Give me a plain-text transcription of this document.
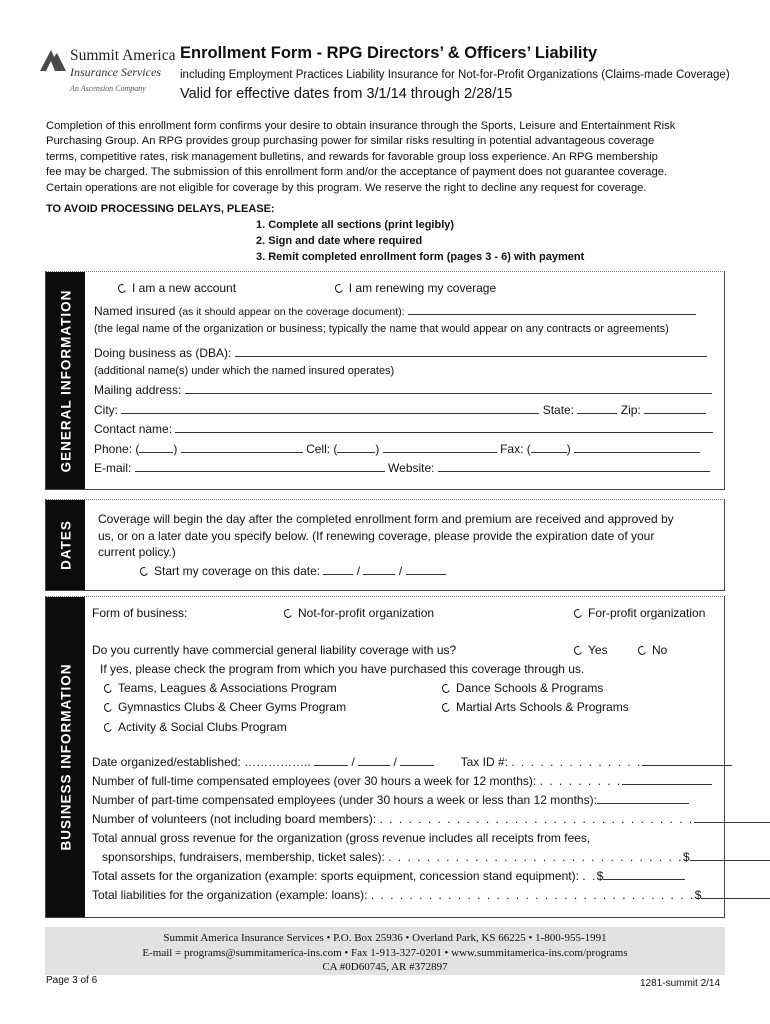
Summit America
Insurance Services
An Ascension Company
Enrollment Form - RPG Directors’ & Officers’ Liability
including Employment Practices Liability Insurance for Not-for-Profit Organizations (Claims-made Coverage)
Valid for effective dates from 3/1/14 through 2/28/15
Completion of this enrollment form confirms your desire to obtain insurance through the Sports, Leisure and Entertainment Risk
Purchasing Group. An RPG provides group purchasing power for similar risks resulting in potential advantageous coverage
terms, competitive rates, risk management bulletins, and rewards for favorable group loss experience. An RPG membership
fee may be charged. The submission of this enrollment form and/or the acceptance of payment does not guarantee coverage.
Certain operations are not eligible for coverage by this program. We reserve the right to decline any request for coverage.
TO AVOID PROCESSING DELAYS, PLEASE:
1. Complete all sections (print legibly)
2. Sign and date where required
3. Remit completed enrollment form (pages 3 - 6) with payment
GENERAL INFORMATION
I am a new account	I am renewing my coverage
Named insured (as it should appear on the coverage document):
(the legal name of the organization or business; typically the name that would appear on any contracts or agreements)
Doing business as (DBA):
(additional name(s) under which the named insured operates)
Mailing address:
City:	State:	Zip:
Contact name:
Phone: (	)	Cell: (	)	Fax: (	)
E-mail:	Website:
DATES
Coverage will begin the day after the completed enrollment form and premium are received and approved by
us, or on a later date you specify below. (If renewing coverage, please provide the expiration date of your
current policy.)
Start my coverage on this date:	/	/
BUSINESS INFORMATION
Form of business:	Not-for-profit organization	For-profit organization
Do you currently have commercial general liability coverage with us?	Yes	No
If yes, please check the program from which you have purchased this coverage through us.
Teams, Leagues & Associations Program	Dance Schools & Programs
Gymnastics Clubs & Cheer Gyms Program	Martial Arts Schools & Programs
Activity & Social Clubs Program
Date organized/established: ……………..	/	/	Tax ID #: . . . . . . . . . . . . . .
Number of full-time compensated employees (over 30 hours a week for 12 months): . . . . . . . . .
Number of part-time compensated employees (under 30 hours a week or less than 12 months):
Number of volunteers (not including board members): . . . . . . . . . . . . . . . . . . . . . . . . . . . . . . . . .
Total annual gross revenue for the organization (gross revenue includes all receipts from fees,
sponsorships, fundraisers, membership, ticket sales): . . . . . . . . . . . . . . . . . . . . . . . . . . . . . . .$
Total assets for the organization (example: sports equipment, concession stand equipment): . .$
Total liabilities for the organization (example: loans): . . . . . . . . . . . . . . . . . . . . . . . . . . . . . . . . . .$
Summit America Insurance Services • P.O. Box 25936 • Overland Park, KS 66225 • 1-800-955-1991
E-mail = programs@summitamerica-ins.com • Fax 1-913-327-0201 • www.summitamerica-ins.com/programs
CA #0D60745, AR #372897
Page 3 of 6	1281-summit 2/14
